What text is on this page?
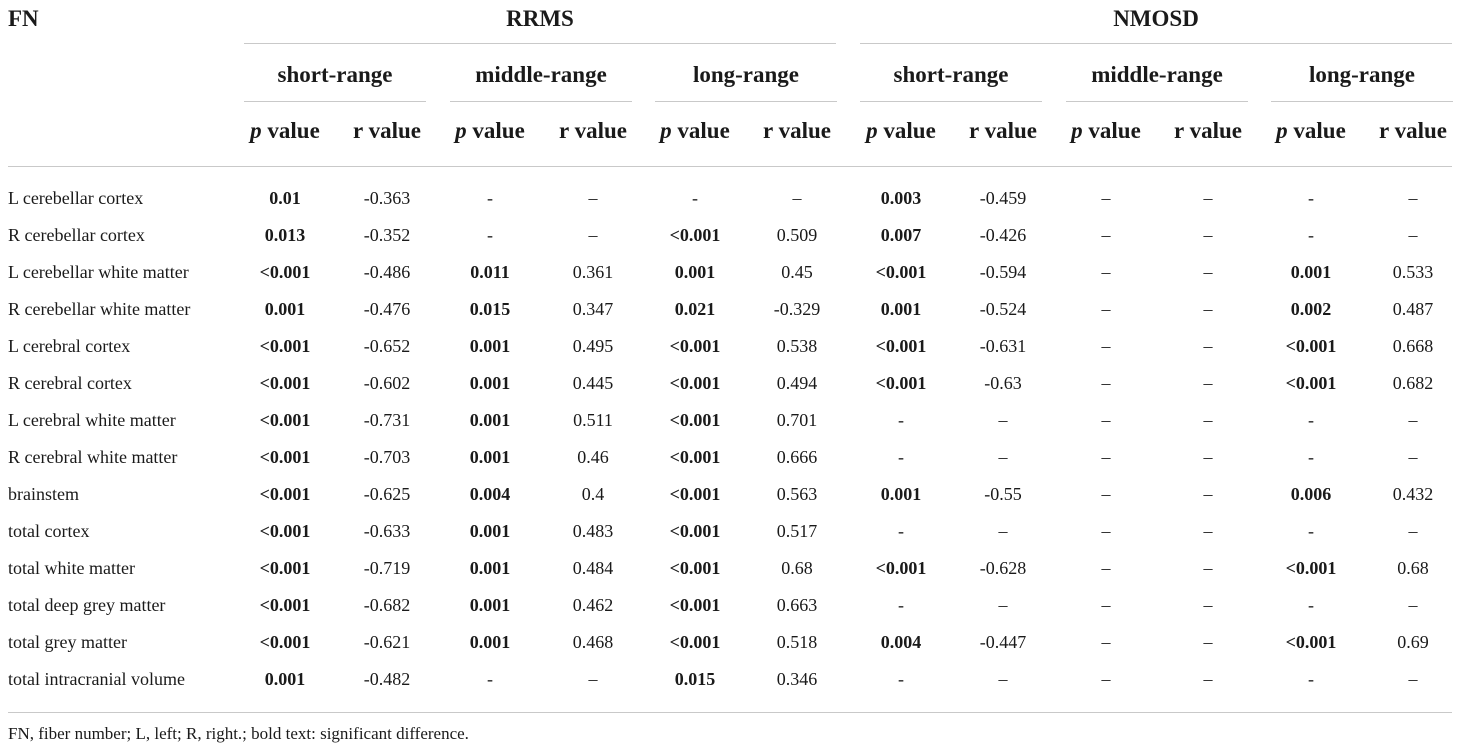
FN	RRMS	NMOSD
short-range	middle-range	long-range	short-range	middle-range	long-range
p value	r value	p value	r value	p value	r value	p value	r value	p value	r value	p value	r value
L cerebellar cortex	0.01	-0.363	-	–	-	–	0.003	-0.459	–	–	-	–
R cerebellar cortex	0.013	-0.352	-	–	<0.001	0.509	0.007	-0.426	–	–	-	–
L cerebellar white matter	<0.001	-0.486	0.011	0.361	0.001	0.45	<0.001	-0.594	–	–	0.001	0.533
R cerebellar white matter	0.001	-0.476	0.015	0.347	0.021	-0.329	0.001	-0.524	–	–	0.002	0.487
L cerebral cortex	<0.001	-0.652	0.001	0.495	<0.001	0.538	<0.001	-0.631	–	–	<0.001	0.668
R cerebral cortex	<0.001	-0.602	0.001	0.445	<0.001	0.494	<0.001	-0.63	–	–	<0.001	0.682
L cerebral white matter	<0.001	-0.731	0.001	0.511	<0.001	0.701	-	–	–	–	-	–
R cerebral white matter	<0.001	-0.703	0.001	0.46	<0.001	0.666	-	–	–	–	-	–
brainstem	<0.001	-0.625	0.004	0.4	<0.001	0.563	0.001	-0.55	–	–	0.006	0.432
total cortex	<0.001	-0.633	0.001	0.483	<0.001	0.517	-	–	–	–	-	–
total white matter	<0.001	-0.719	0.001	0.484	<0.001	0.68	<0.001	-0.628	–	–	<0.001	0.68
total deep grey matter	<0.001	-0.682	0.001	0.462	<0.001	0.663	-	–	–	–	-	–
total grey matter	<0.001	-0.621	0.001	0.468	<0.001	0.518	0.004	-0.447	–	–	<0.001	0.69
total intracranial volume	0.001	-0.482	-	–	0.015	0.346	-	–	–	–	-	–
FN, fiber number; L, left; R, right.; bold text: significant difference.
